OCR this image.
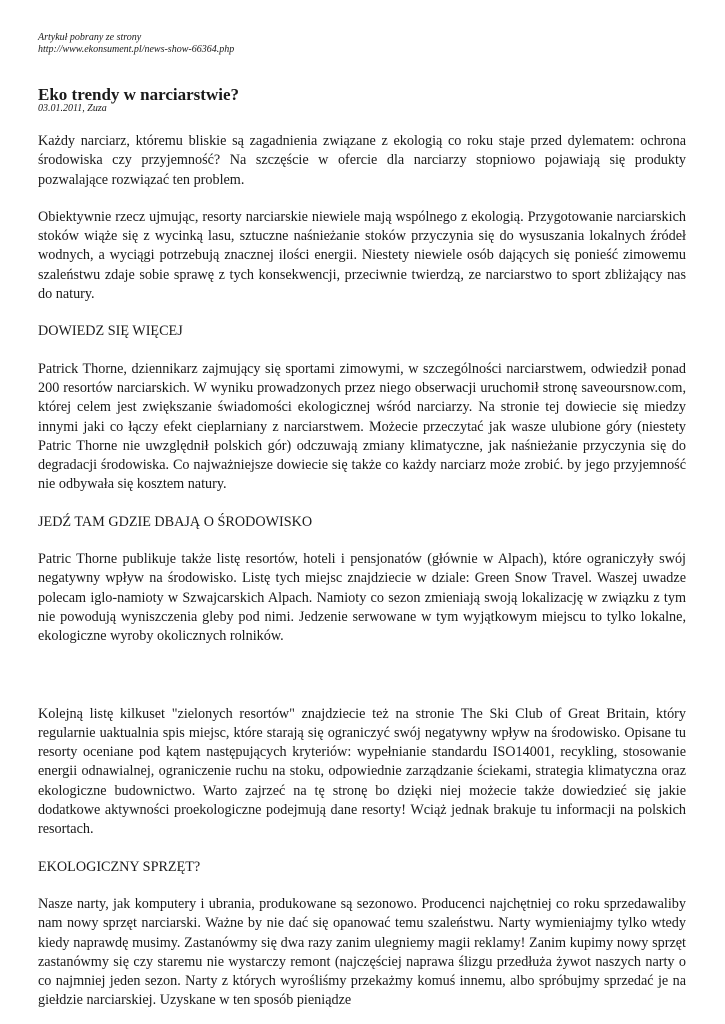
Artykuł pobrany ze strony
http://www.ekonsument.pl/news-show-66364.php
Eko trendy w narciarstwie?
03.01.2011, Zuza

Każdy narciarz, któremu bliskie są zagadnienia związane z ekologią co roku staje przed dylematem: ochrona środowiska czy przyjemność? Na szczęście w ofercie dla narciarzy stopniowo pojawiają się produkty pozwalające rozwiązać ten problem.

Obiektywnie rzecz ujmując, resorty narciarskie niewiele mają wspólnego z ekologią. Przygotowanie narciarskich stoków wiąże się z wycinką lasu, sztuczne naśnieżanie stoków przyczynia się do wysuszania lokalnych źródeł wodnych, a wyciągi potrzebują znacznej ilości energii. Niestety niewiele osób dających się ponieść zimowemu szaleństwu zdaje sobie sprawę z tych konsekwencji, przeciwnie twierdzą, ze narciarstwo to sport zbliżający nas do natury.

DOWIEDZ SIĘ WIĘCEJ

Patrick Thorne, dziennikarz zajmujący się sportami zimowymi, w szczególności narciarstwem, odwiedził ponad 200 resortów narciarskich. W wyniku prowadzonych przez niego obserwacji uruchomił stronę saveoursnow.com, której celem jest zwiększanie świadomości ekologicznej wśród narciarzy. Na stronie tej dowiecie się miedzy innymi jaki co łączy efekt cieplarniany z narciarstwem. Możecie przeczytać jak wasze ulubione góry (niestety Patric Thorne nie uwzględnił polskich gór) odczuwają zmiany klimatyczne, jak naśnieżanie przyczynia się do degradacji środowiska. Co najważniejsze dowiecie się także co każdy narciarz może zrobić. by jego przyjemność nie odbywała się kosztem natury.

JEDŹ TAM GDZIE DBAJĄ O ŚRODOWISKO

Patric Thorne publikuje także listę resortów, hoteli i pensjonatów (głównie w Alpach), które ograniczyły swój negatywny wpływ na środowisko. Listę tych miejsc znajdziecie w dziale: Green Snow Travel. Waszej uwadze polecam iglo-namioty w Szwajcarskich Alpach. Namioty co sezon zmieniają swoją lokalizację w związku z tym nie powodują wyniszczenia gleby pod nimi. Jedzenie serwowane w tym wyjątkowym miejscu to tylko lokalne, ekologiczne wyroby okolicznych rolników.

Kolejną listę kilkuset "zielonych resortów" znajdziecie też na stronie The Ski Club of Great Britain, który regularnie uaktualnia spis miejsc, które starają się ograniczyć swój negatywny wpływ na środowisko. Opisane tu resorty oceniane pod kątem następujących kryteriów: wypełnianie standardu ISO14001, recykling, stosowanie energii odnawialnej, ograniczenie ruchu na stoku, odpowiednie zarządzanie ściekami, strategia klimatyczna oraz ekologiczne budownictwo. Warto zajrzeć na tę stronę bo dzięki niej możecie także dowiedzieć się jakie dodatkowe aktywności proekologiczne podejmują dane resorty! Wciąż jednak brakuje tu informacji na polskich resortach.

EKOLOGICZNY SPRZĘT?

Nasze narty, jak komputery i ubrania, produkowane są sezonowo. Producenci najchętniej co roku sprzedawaliby nam nowy sprzęt narciarski. Ważne by nie dać się opanować temu szaleństwu. Narty wymieniajmy tylko wtedy kiedy naprawdę musimy. Zastanówmy się dwa razy zanim ulegniemy magii reklamy! Zanim kupimy nowy sprzęt zastanówmy się czy staremu nie wystarczy remont (najczęściej naprawa ślizgu przedłuża żywot naszych narty o co najmniej jeden sezon. Narty z których wyrośliśmy przekażmy komuś innemu, albo spróbujmy sprzedać je na giełdzie narciarskiej. Uzyskane w ten sposób pieniądze
